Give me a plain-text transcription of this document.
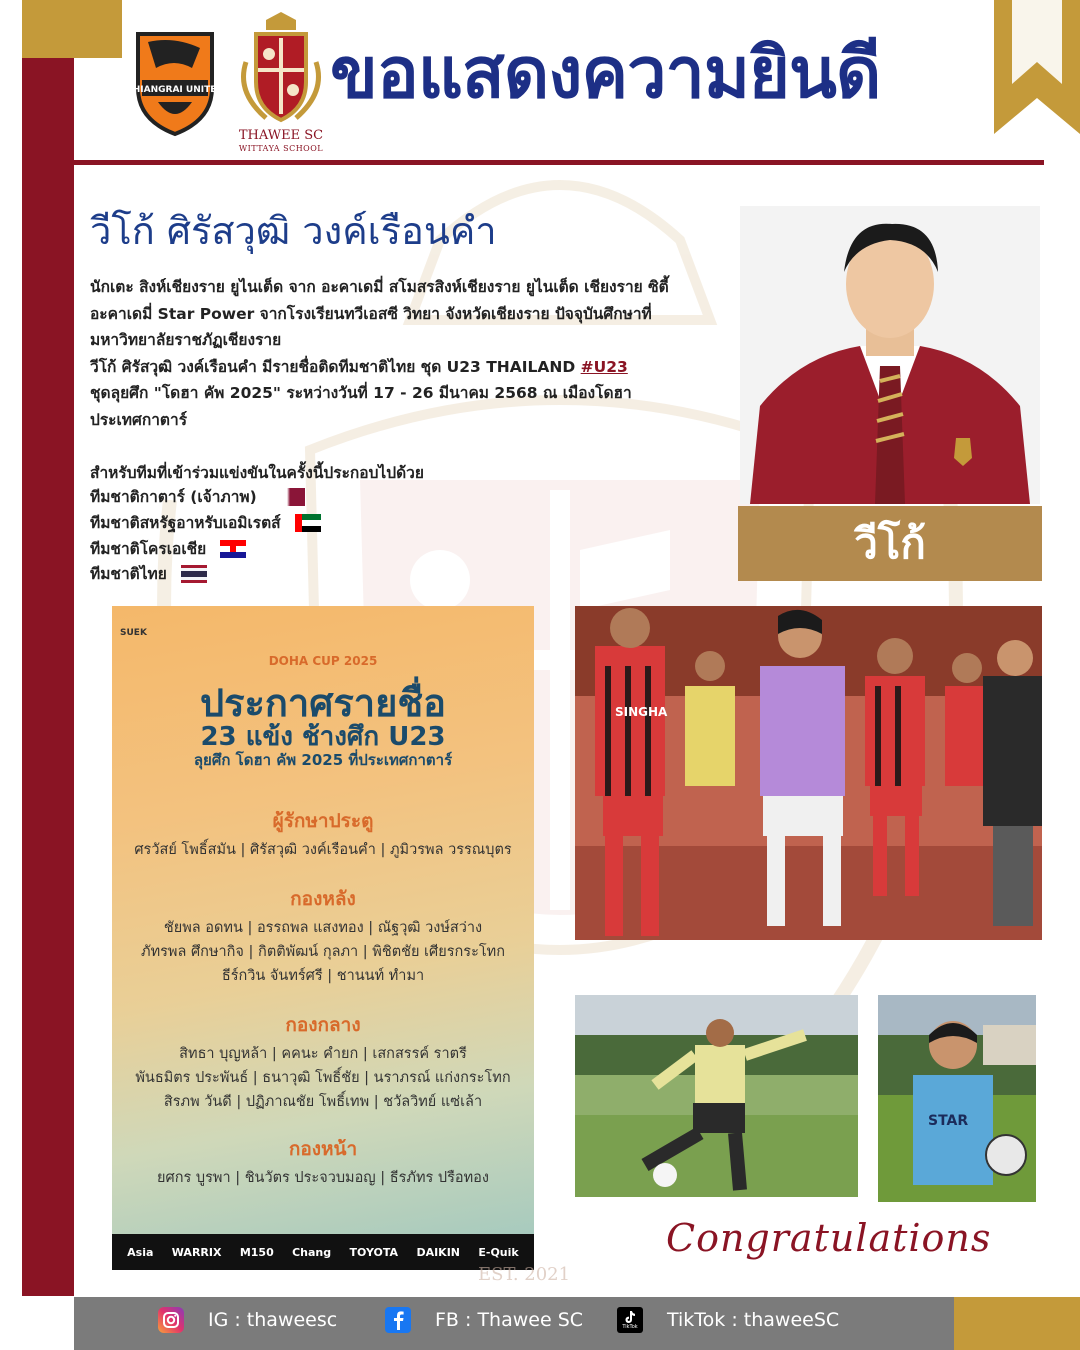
CHIANGRAI UNITED
THAWEE SC
WITTAYA SCHOOL
ขอแสดงความยินดี
วีโก้ ศิรัสวุฒิ วงค์เรือนคำ
นักเตะ สิงห์เชียงราย ยูไนเต็ด จาก อะคาเดมี่ สโมสรสิงห์เชียงราย ยูไนเต็ด เชียงราย ซิตี้
อะคาเดมี่ Star Power จากโรงเรียนทวีเอสซี วิทยา จังหวัดเชียงราย ปัจจุบันศึกษาที่
มหาวิทยาลัยราชภัฏเชียงราย
วีโก้ ศิรัสวุฒิ วงค์เรือนคำ มีรายชื่อติดทีมชาติไทย ชุด U23 THAILAND #U23
ชุดลุยศึก "โดฮา คัพ 2025" ระหว่างวันที่ 17 - 26 มีนาคม 2568 ณ เมืองโดฮา
ประเทศกาตาร์
สำหรับทีมที่เข้าร่วมแข่งขันในครั้งนี้ประกอบไปด้วย
ทีมชาติกาตาร์ (เจ้าภาพ)
ทีมชาติสหรัฐอาหรับเอมิเรตส์
ทีมชาติโครเอเชีย
ทีมชาติไทย
วีโก้
SUEK
DOHA CUP 2025
ประกาศรายชื่อ
23 แข้ง ช้างศึก U23
ลุยศึก โดฮา คัพ 2025 ที่ประเทศกาตาร์
ผู้รักษาประตู
ศรวัสย์ โพธิ์สมัน | ศิรัสวุฒิ วงค์เรือนคำ | ภูมิวรพล วรรณบุตร
กองหลัง
ชัยพล อดทน | อรรถพล แสงทอง | ณัฐวุฒิ วงษ์สว่าง
ภัทรพล ศึกษากิจ | กิตติพัฒน์ กุลภา | พิชิตชัย เศียรกระโทก
ธีร์กวิน จันทร์ศรี | ชานนท์ ทำมา
กองกลาง
สิทธา บุญหล้า | คคนะ คำยก | เสกสรรค์ ราตรี
พันธมิตร ประพันธ์ | ธนาวุฒิ โพธิ์ชัย | นราภรณ์ แก่งกระโทก
สิรภพ วันดี | ปฏิภาณชัย โพธิ์เทพ | ชวัลวิทย์ แซ่เล้า
กองหน้า
ยศกร บูรพา | ชินวัตร ประจวบมอญ | ธีรภัทร ปรือทอง
Asia WARRIX M150 Chang TOYOTA DAIKIN E-Quik
SINGHA
STAR
Congratulations
EST. 2021
IG : thaweesc	FB : Thawee SC	TikTok TikTok : thaweeSC
